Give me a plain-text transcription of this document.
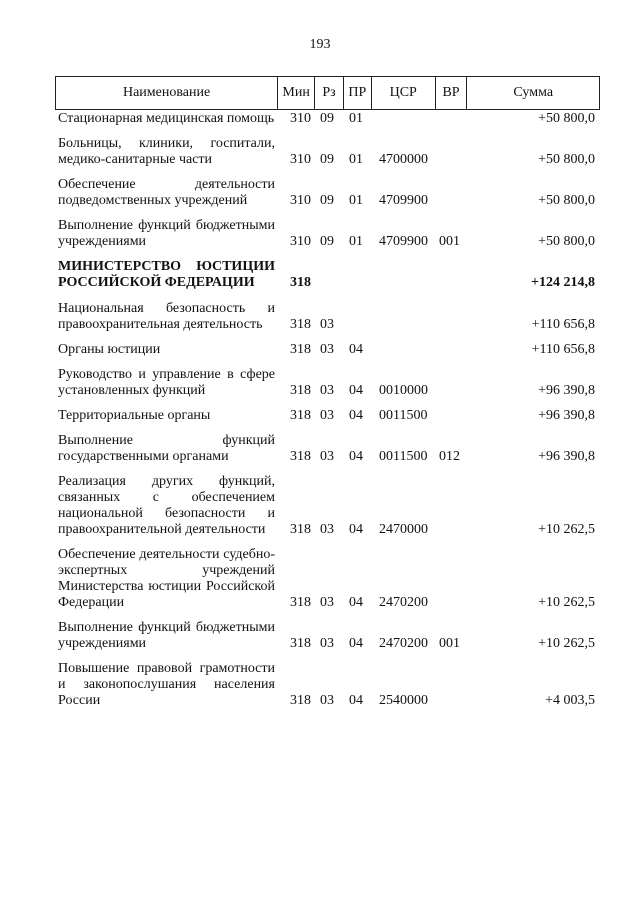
193
Наименование	Мин Рз ПР	ЦСР	ВР	Сумма
Стационарная медицинская помощь	310 09	01	+50 800,0
Больницы, клиники, госпитали, медико-санитарные части	310 09	01	4700000	+50 800,0
Обеспечение деятельности подведомственных учреждений	310 09	01	4709900	+50 800,0
Выполнение функций бюджетными учреждениями	310 09	01	4709900 001	+50 800,0
МИНИСТЕРСТВО ЮСТИЦИИ РОССИЙСКОЙ ФЕДЕРАЦИИ	318	+124 214,8
Национальная безопасность и правоохранительная деятельность	318 03	+110 656,8
Органы юстиции	318 03	04	+110 656,8
Руководство и управление в сфере установленных функций	318 03	04	0010000	+96 390,8
Территориальные органы	318 03	04	0011500	+96 390,8
Выполнение функций государственными органами	318 03	04	0011500 012	+96 390,8
Реализация других функций, связанных с обеспечением национальной безопасности и правоохранительной деятельности	318 03	04	2470000	+10 262,5
Обеспечение деятельности судебно-экспертных учреждений Министерства юстиции Российской Федерации	318 03	04	2470200	+10 262,5
Выполнение функций бюджетными учреждениями	318 03	04	2470200 001	+10 262,5
Повышение правовой грамотности и законопослушания населения России	318 03	04	2540000	+4 003,5
